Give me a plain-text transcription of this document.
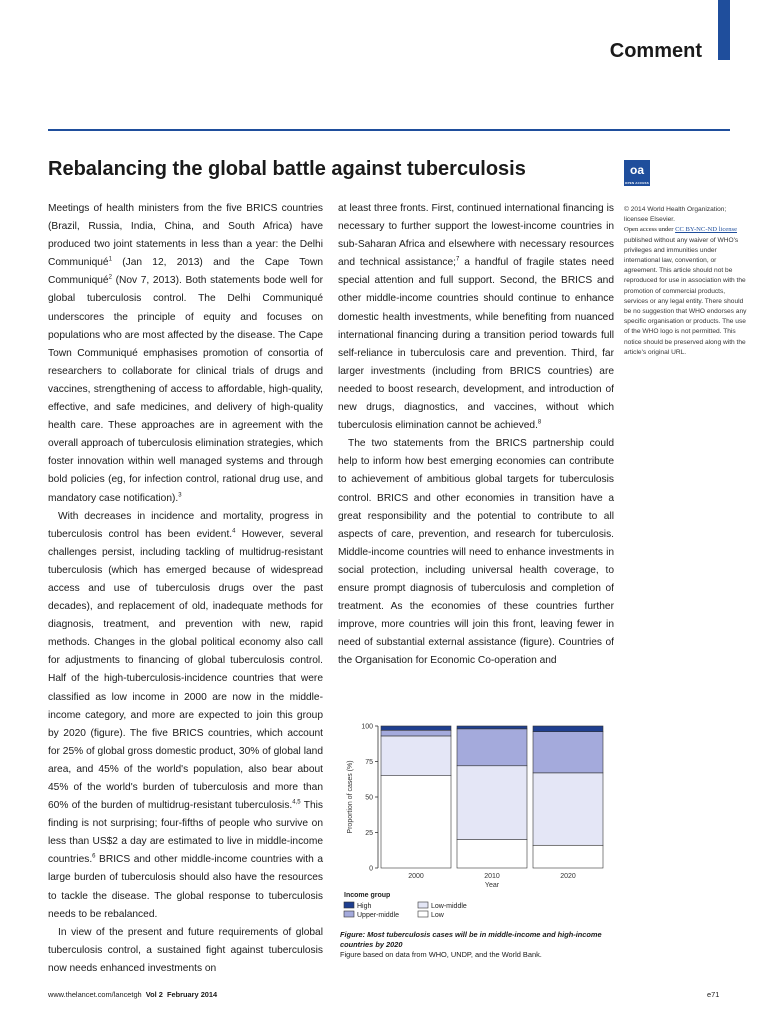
Comment
Rebalancing the global battle against tuberculosis	oa
OPEN ACCESS

Meetings of health ministers from the five BRICS countries (Brazil, Russia, India, China, and South Africa) have produced two joint statements in less than a year: the Delhi Communiqué$^1$ (Jan 12, 2013) and the Cape Town Communiqué$^2$ (Nov 7, 2013). Both statements bode well for global tuberculosis control. The Delhi Communiqué underscores the principle of equity and focuses on populations who are most affected by the disease. The Cape Town Communiqué emphasises promotion of consortia of researchers to collaborate for clinical trials of drugs and vaccines, strengthening of access to affordable, high-quality, effective, and safe medicines, and delivery of high-quality health care. These approaches are in agreement with the overall approach of tuberculosis elimination strategies, which foster innovation within well managed systems and through bold policies (eg, for infection control, rational drug use, and mandatory case notification).$^3$

With decreases in incidence and mortality, progress in tuberculosis control has been evident.$^4$ However, several challenges persist, including tackling of multidrug-resistant tuberculosis (which has emerged because of widespread access and use of tuberculosis drugs over the past decades), and replacement of old, inadequate methods for diagnosis, treatment, and prevention with new, rapid methods. Changes in the global political economy also call for adjustments to financing of global tuberculosis control. Half of the high-tuberculosis-incidence countries that were classified as low income in 2000 are now in the middle-income category, and more are expected to join this group by 2020 (figure). The five BRICS countries, which account for 25% of global gross domestic product, 30% of global land area, and 45% of the world's population, also bear about 45% of the world's burden of tuberculosis and more than 60% of the burden of multidrug-resistant tuberculosis.$^{4,5}$ This finding is not surprising; four-fifths of people who survive on less than US$2 a day are estimated to live in middle-income countries.$^6$ BRICS and other middle-income countries with a large burden of tuberculosis should also have the resources to tackle the disease. The global response to tuberculosis needs to be rebalanced.

In view of the present and future requirements of global tuberculosis control, a sustained fight against tuberculosis now needs enhanced investments on

at least three fronts. First, continued international financing is necessary to further support the lowest-income countries in sub-Saharan Africa and elsewhere with necessary resources and technical assistance;$^7$ a handful of fragile states need special attention and full support. Second, the BRICS and other middle-income countries should continue to enhance domestic health investments, while benefiting from nuanced international financing during a transition period towards full self-reliance in tuberculosis care and prevention. Third, far larger investments (including from BRICS countries) are needed to boost research, development, and introduction of new drugs, diagnostics, and vaccines, without which tuberculosis elimination cannot be achieved.$^8$

The two statements from the BRICS partnership could help to inform how best emerging economies can contribute to achievement of ambitious global targets for tuberculosis control. BRICS and other economies in transition have a great responsibility and the potential to contribute to all aspects of care, prevention, and research for tuberculosis. Middle-income countries will need to enhance investments in social protection, including universal health coverage, to ensure prompt diagnosis of tuberculosis and completion of treatment. As the economies of these countries further improve, more countries will join this front, leaving fewer in need of substantial external assistance (figure). Countries of the Organisation for Economic Co-operation and

© 2014 World Health Organization; licensee Elsevier.
Open access under CC BY-NC-ND license
published without any waiver of WHO's privileges and immunities under international law, convention, or agreement. This article should not be reproduced for use in association with the promotion of commercial products, services or any legal entity. There should be no suggestion that WHO endorses any specific organisation or products. The use of the WHO logo is not permitted. This notice should be preserved along with the article's original URL.
0
25
50
75
100
Proportion of cases (%)
2000	2010	2020
Year
Income group
High	Low-middle
Upper-middle	Low
Figure: Most tuberculosis cases will be in middle-income and high-income countries by 2020
Figure based on data from WHO, UNDP, and the World Bank.
www.thelancet.com/lancetgh Vol 2 February 2014	e71
